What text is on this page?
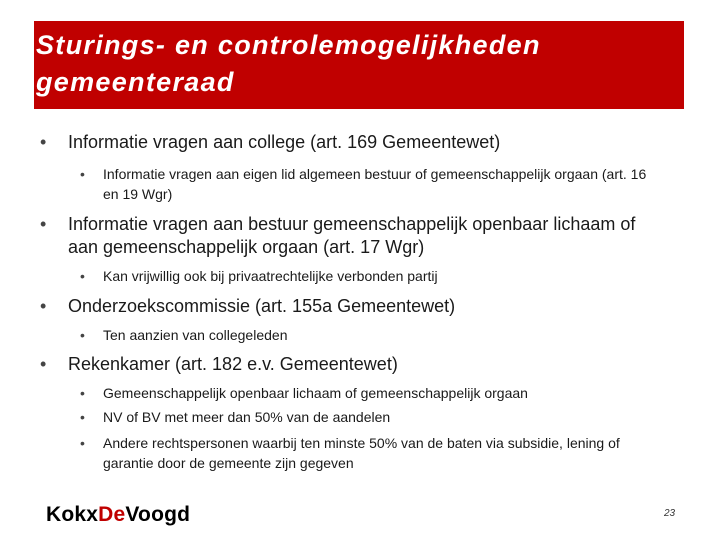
Sturings- en controlemogelijkheden
gemeenteraad
• Informatie vragen aan college (art. 169 Gemeentewet)
• Informatie vragen aan eigen lid algemeen bestuur of gemeenschappelijk orgaan (art. 16 en 19 Wgr)
• Informatie vragen aan bestuur gemeenschappelijk openbaar lichaam of aan gemeenschappelijk orgaan (art. 17 Wgr)
• Kan vrijwillig ook bij privaatrechtelijke verbonden partij
• Onderzoekscommissie (art. 155a Gemeentewet)
• Ten aanzien van collegeleden
• Rekenkamer (art. 182 e.v. Gemeentewet)
• Gemeenschappelijk openbaar lichaam of gemeenschappelijk orgaan
• NV of BV met meer dan 50% van de aandelen
• Andere rechtspersonen waarbij ten minste 50% van de baten via subsidie, lening of garantie door de gemeente zijn gegeven
KokxDeVoogd	23
